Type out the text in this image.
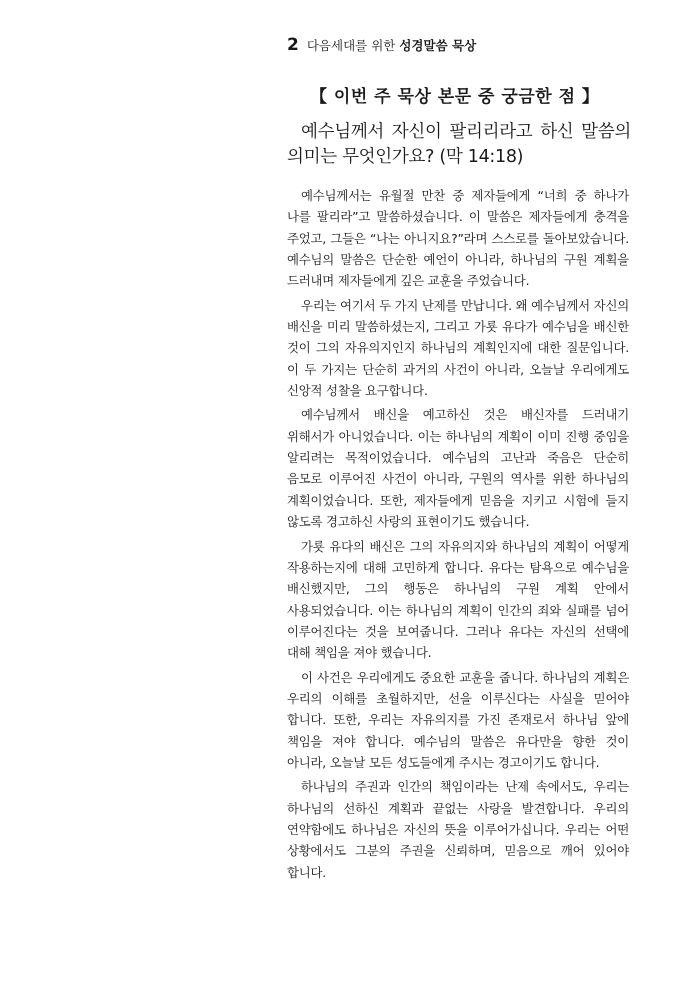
2 다음세대를 위한 성경말씀 묵상
【 이번 주 묵상 본문 중 궁금한 점 】
예수님께서 자신이 팔리리라고 하신 말씀의 의미는 무엇인가요? (막 14:18)

예수님께서는 유월절 만찬 중 제자들에게 “너희 중 하나가 나를 팔리라”고 말씀하셨습니다. 이 말씀은 제자들에게 충격을 주었고, 그들은 “나는 아니지요?”라며 스스로를 돌아보았습니다. 예수님의 말씀은 단순한 예언이 아니라, 하나님의 구원 계획을 드러내며 제자들에게 깊은 교훈을 주었습니다.

우리는 여기서 두 가지 난제를 만납니다. 왜 예수님께서 자신의 배신을 미리 말씀하셨는지, 그리고 가룟 유다가 예수님을 배신한 것이 그의 자유의지인지 하나님의 계획인지에 대한 질문입니다. 이 두 가지는 단순히 과거의 사건이 아니라, 오늘날 우리에게도 신앙적 성찰을 요구합니다.

예수님께서 배신을 예고하신 것은 배신자를 드러내기 위해서가 아니었습니다. 이는 하나님의 계획이 이미 진행 중임을 알리려는 목적이었습니다. 예수님의 고난과 죽음은 단순히 음모로 이루어진 사건이 아니라, 구원의 역사를 위한 하나님의 계획이었습니다. 또한, 제자들에게 믿음을 지키고 시험에 들지 않도록 경고하신 사랑의 표현이기도 했습니다.

가룟 유다의 배신은 그의 자유의지와 하나님의 계획이 어떻게 작용하는지에 대해 고민하게 합니다. 유다는 탐욕으로 예수님을 배신했지만, 그의 행동은 하나님의 구원 계획 안에서 사용되었습니다. 이는 하나님의 계획이 인간의 죄와 실패를 넘어 이루어진다는 것을 보여줍니다. 그러나 유다는 자신의 선택에 대해 책임을 져야 했습니다.

이 사건은 우리에게도 중요한 교훈을 줍니다. 하나님의 계획은 우리의 이해를 초월하지만, 선을 이루신다는 사실을 믿어야 합니다. 또한, 우리는 자유의지를 가진 존재로서 하나님 앞에 책임을 져야 합니다. 예수님의 말씀은 유다만을 향한 것이 아니라, 오늘날 모든 성도들에게 주시는 경고이기도 합니다.

하나님의 주권과 인간의 책임이라는 난제 속에서도, 우리는 하나님의 선하신 계획과 끝없는 사랑을 발견합니다. 우리의 연약함에도 하나님은 자신의 뜻을 이루어가십니다. 우리는 어떤 상황에서도 그분의 주권을 신뢰하며, 믿음으로 깨어 있어야 합니다.
